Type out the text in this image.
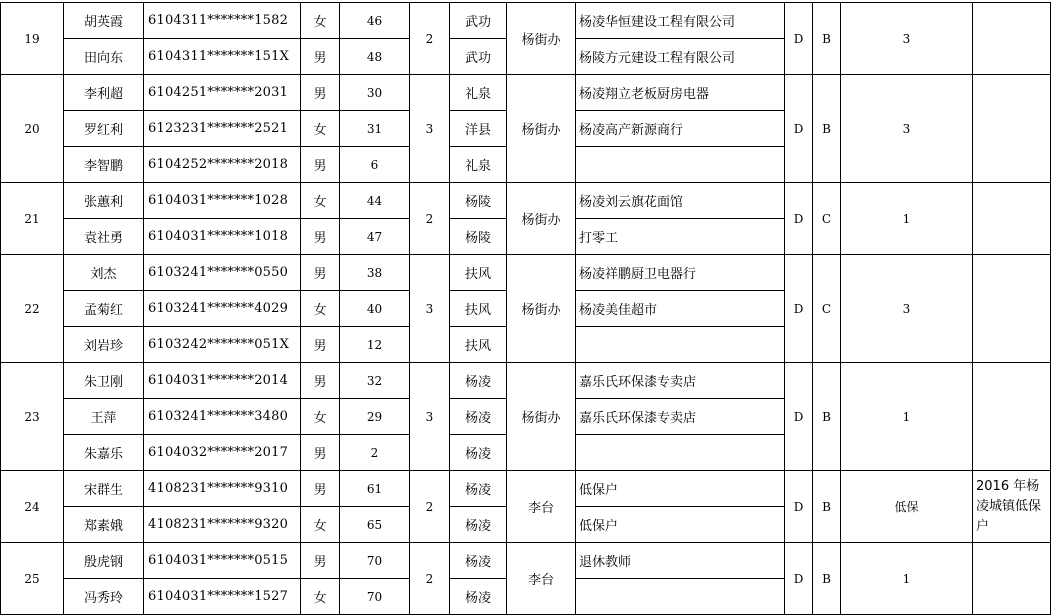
19	胡英霞	6104311*******1582	女	46	2	武功	杨街办	杨凌华恒建设工程有限公司	D	B	3	
	田向东	6104311*******151X	男	48		武功		杨陵方元建设工程有限公司				
20	李利超	6104251*******2031	男	30	3	礼泉	杨街办	杨凌翔立老板厨房电器	D	B	3	
	罗红利	6123231*******2521	女	31		洋县		杨凌高产新源商行				
	李智鹏	6104252*******2018	男	6		礼泉						
21	张蕙利	6104031*******1028	女	44	2	杨陵	杨街办	杨凌刘云旗花面馆	D	C	1	
	袁社勇	6104031*******1018	男	47		杨陵		打零工				
22	刘杰	6103241*******0550	男	38	3	扶风	杨街办	杨凌祥鹏厨卫电器行	D	C	3	
	孟菊红	6103241*******4029	女	40		扶风		杨凌美佳超市				
	刘岩珍	6103242*******051X	男	12		扶风						
23	朱卫刚	6104031*******2014	男	32	3	杨凌	杨街办	嘉乐氏环保漆专卖店	D	B	1	
	王萍	6103241*******3480	女	29		杨凌		嘉乐氏环保漆专卖店				
	朱嘉乐	6104032*******2017	男	2		杨凌						
24	宋群生	4108231*******9310	男	61	2	杨凌	李台	低保户	D	B	低保	2016 年杨凌城镇低保户
	郑素娥	4108231*******9320	女	65		杨凌		低保户				
25	殷虎钢	6104031*******0515	男	70	2	杨凌	李台	退休教师	D	B	1	
	冯秀玲	6104031*******1527	女	70		杨凌						
